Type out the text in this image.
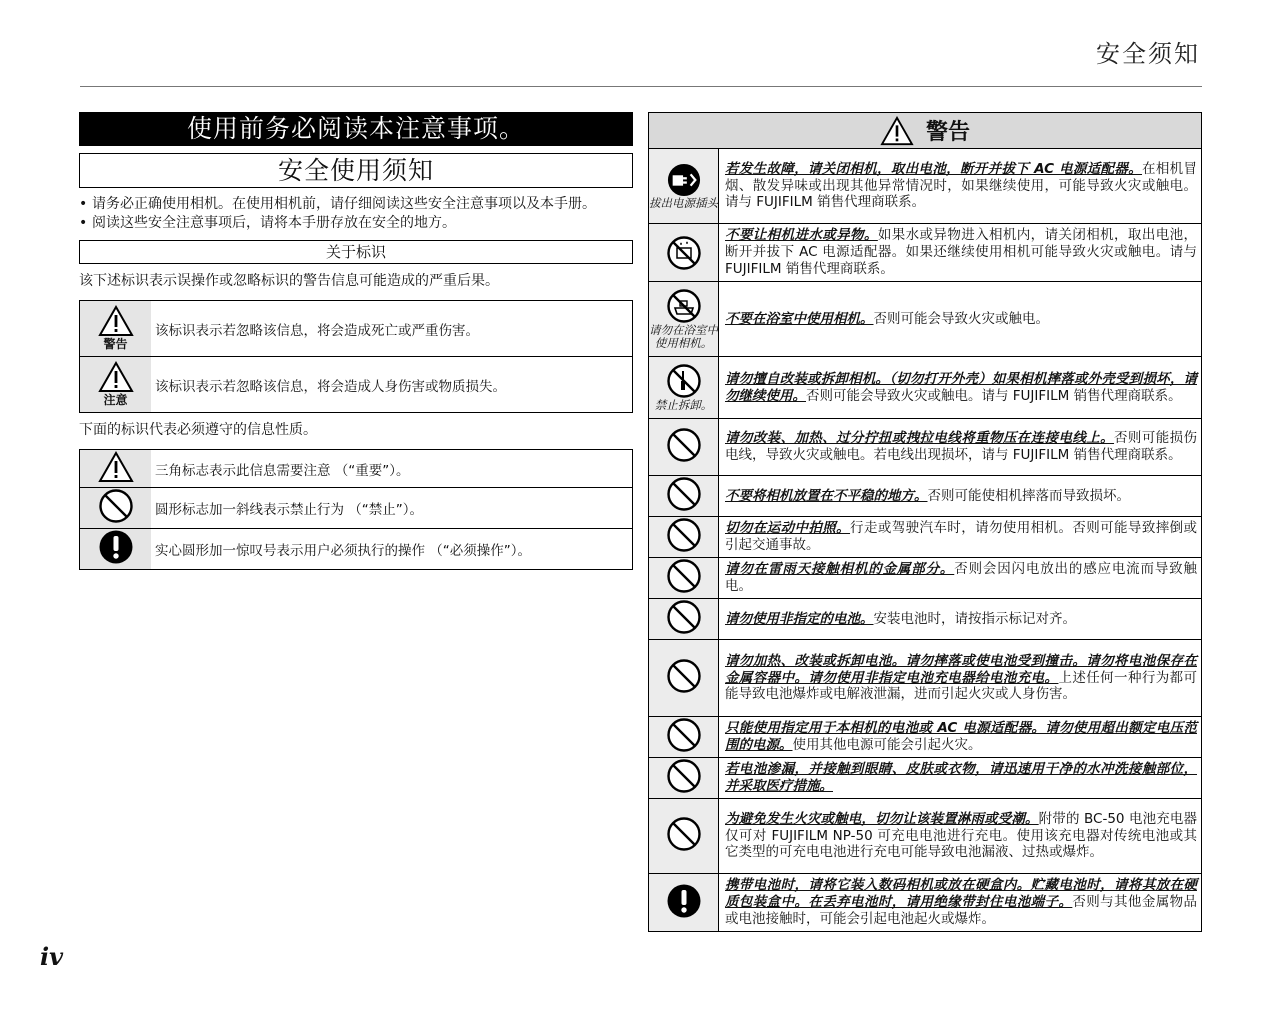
安全须知
使用前务必阅读本注意事项。
安全使用须知
• 请务必正确使用相机。在使用相机前，请仔细阅读这些安全注意事项以及本手册。
• 阅读这些安全注意事项后，请将本手册存放在安全的地方。
关于标识
该下述标识表示误操作或忽略标识的警告信息可能造成的严重后果。
警告	该标识表示若忽略该信息，将会造成死亡或严重伤害。

注意	该标识表示若忽略该信息，将会造成人身伤害或物质损失。
下面的标识代表必须遵守的信息性质。
	三角标志表示此信息需要注意 （“重要”）。
	圆形标志加一斜线表示禁止行为 （“禁止”）。
	实心圆形加一惊叹号表示用户必须执行的操作 （“必须操作”）。
警告	

拔出电源插头	若发生故障，请关闭相机，取出电池，断开并拔下 AC 电源适配器。在相机冒烟、散发异味或出现其他异常情况时，如果继续使用，可能导致火灾或触电。请与 FUJIFILM 销售代理商联系。

	不要让相机进水或异物。如果水或异物进入相机内，请关闭相机，取出电池，断开并拔下 AC 电源适配器。如果还继续使用相机可能导致火灾或触电。请与 FUJIFILM 销售代理商联系。

请勿在浴室中使用相机。	不要在浴室中使用相机。否则可能会导致火灾或触电。

禁止拆卸。	请勿擅自改装或拆卸相机。（切勿打开外壳）如果相机摔落或外壳受到损坏，请勿继续使用。否则可能会导致火灾或触电。请与 FUJIFILM 销售代理商联系。
	请勿改装、加热、过分拧扭或拽拉电线将重物压在连接电线上。否则可能损伤电线，导致火灾或触电。若电线出现损坏，请与 FUJIFILM 销售代理商联系。
	不要将相机放置在不平稳的地方。否则可能使相机摔落而导致损坏。
	切勿在运动中拍照。行走或驾驶汽车时，请勿使用相机。否则可能导致摔倒或引起交通事故。
	请勿在雷雨天接触相机的金属部分。否则会因闪电放出的感应电流而导致触电。
	请勿使用非指定的电池。安装电池时，请按指示标记对齐。
	请勿加热、改装或拆卸电池。请勿摔落或使电池受到撞击。请勿将电池保存在金属容器中。请勿使用非指定电池充电器给电池充电。上述任何一种行为都可能导致电池爆炸或电解液泄漏，进而引起火灾或人身伤害。
	只能使用指定用于本相机的电池或 AC 电源适配器。请勿使用超出额定电压范围的电源。使用其他电源可能会引起火灾。
	若电池渗漏，并接触到眼睛、皮肤或衣物，请迅速用干净的水冲洗接触部位，并采取医疗措施。
	为避免发生火灾或触电，切勿让该装置淋雨或受潮。附带的 BC-50 电池充电器仅可对 FUJIFILM NP-50 可充电电池进行充电。使用该充电器对传统电池或其它类型的可充电电池进行充电可能导致电池漏液、过热或爆炸。
	携带电池时，请将它装入数码相机或放在硬盒内。贮藏电池时，请将其放在硬质包装盒中。在丢弃电池时，请用绝缘带封住电池端子。否则与其他金属物品或电池接触时，可能会引起电池起火或爆炸。
iv
